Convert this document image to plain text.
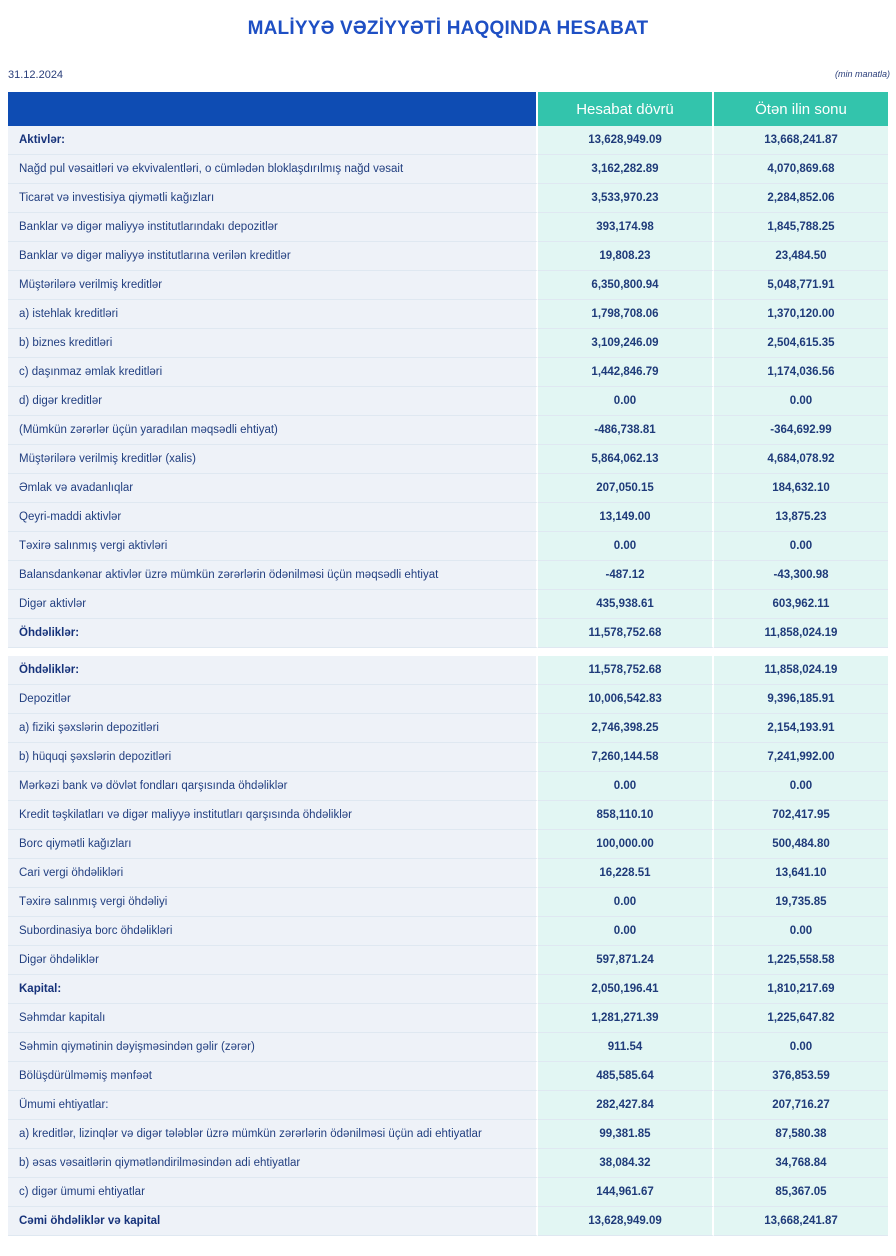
MALİYYƏ VƏZİYYƏTİ HAQQINDA HESABAT
31.12.2024	(min manatla)
	Hesabat dövrü	Ötən ilin sonu
Aktivlər:	13,628,949.09	13,668,241.87
Nağd pul vəsaitləri və ekvivalentləri, o cümlədən bloklaşdırılmış nağd vəsait	3,162,282.89	4,070,869.68
Ticarət və investisiya qiymətli kağızları	3,533,970.23	2,284,852.06
Banklar və digər maliyyə institutlarındakı depozitlər	393,174.98	1,845,788.25
Banklar və digər maliyyə institutlarına verilən kreditlər	19,808.23	23,484.50
Müştərilərə verilmiş kreditlər	6,350,800.94	5,048,771.91
a) istehlak kreditləri	1,798,708.06	1,370,120.00
b) biznes kreditləri	3,109,246.09	2,504,615.35
c) daşınmaz əmlak kreditləri	1,442,846.79	1,174,036.56
d) digər kreditlər	0.00	0.00
(Mümkün zərərlər üçün yaradılan məqsədli ehtiyat)	-486,738.81	-364,692.99
Müştərilərə verilmiş kreditlər (xalis)	5,864,062.13	4,684,078.92
Əmlak və avadanlıqlar	207,050.15	184,632.10
Qeyri-maddi aktivlər	13,149.00	13,875.23
Təxirə salınmış vergi aktivləri	0.00	0.00
Balansdankənar aktivlər üzrə mümkün zərərlərin ödənilməsi üçün məqsədli ehtiyat	-487.12	-43,300.98
Digər aktivlər	435,938.61	603,962.11
Öhdəliklər:	11,578,752.68	11,858,024.19

Öhdəliklər:	11,578,752.68	11,858,024.19
Depozitlər	10,006,542.83	9,396,185.91
a) fiziki şəxslərin depozitləri	2,746,398.25	2,154,193.91
b) hüquqi şəxslərin depozitləri	7,260,144.58	7,241,992.00
Mərkəzi bank və dövlət fondları qarşısında öhdəliklər	0.00	0.00
Kredit təşkilatları və digər maliyyə institutları qarşısında öhdəliklər	858,110.10	702,417.95
Borc qiymətli kağızları	100,000.00	500,484.80
Cari vergi öhdəlikləri	16,228.51	13,641.10
Təxirə salınmış vergi öhdəliyi	0.00	19,735.85
Subordinasiya borc öhdəlikləri	0.00	0.00
Digər öhdəliklər	597,871.24	1,225,558.58
Kapital:	2,050,196.41	1,810,217.69
Səhmdar kapitalı	1,281,271.39	1,225,647.82
Səhmin qiymətinin dəyişməsindən gəlir (zərər)	911.54	0.00
Bölüşdürülməmiş mənfəət	485,585.64	376,853.59
Ümumi ehtiyatlar:	282,427.84	207,716.27
a) kreditlər, lizinqlər və digər tələblər üzrə mümkün zərərlərin ödənilməsi üçün adi ehtiyatlar	99,381.85	87,580.38
b) əsas vəsaitlərin qiymətləndirilməsindən adi ehtiyatlar	38,084.32	34,768.84
c) digər ümumi ehtiyatlar	144,961.67	85,367.05
Cəmi öhdəliklər və kapital	13,628,949.09	13,668,241.87
